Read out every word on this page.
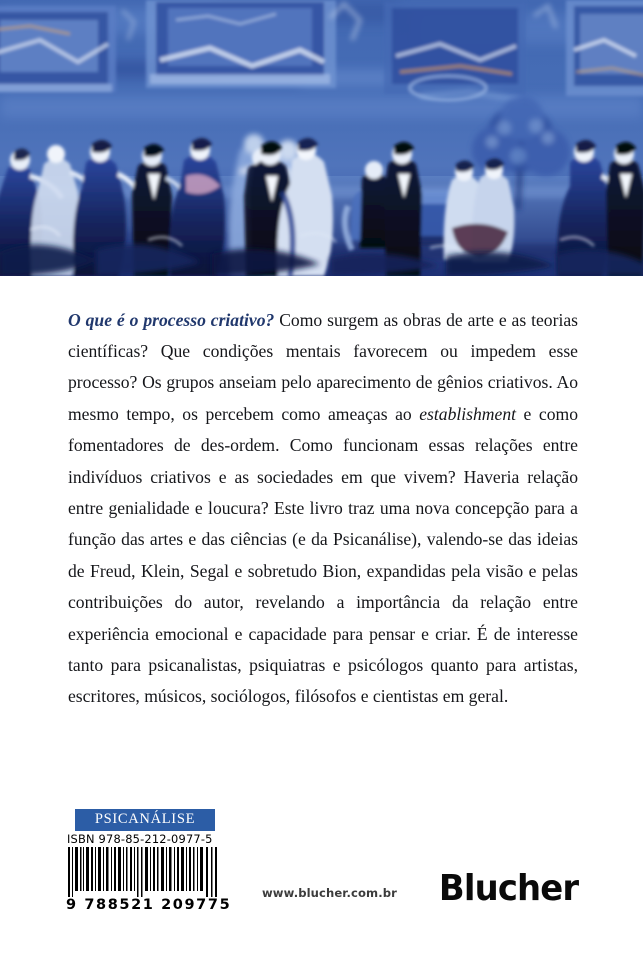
O que é o processo criativo? Como surgem as obras de arte e as teorias científicas? Que condições mentais favorecem ou impedem esse processo? Os grupos anseiam pelo aparecimento de gênios criativos. Ao mesmo tempo, os percebem como ameaças ao establishment e como fomentadores de des-ordem. Como funcionam essas relações entre indivíduos criativos e as sociedades em que vivem? Haveria relação entre genialidade e loucura? Este livro traz uma nova concepção para a função das artes e das ciências (e da Psicanálise), valendo-se das ideias de Freud, Klein, Segal e sobretudo Bion, expandidas pela visão e pelas contribuições do autor, revelando a importância da relação entre experiência emocional e capacidade para pensar e criar. É de interesse tanto para psicanalistas, psiquiatras e psicólogos quanto para artistas, escritores, músicos, sociólogos, filósofos e cientistas em geral.

PSICANÁLISE
ISBN 978-85-212-0977-5
9 788521 209775
www.blucher.com.br Blucher
